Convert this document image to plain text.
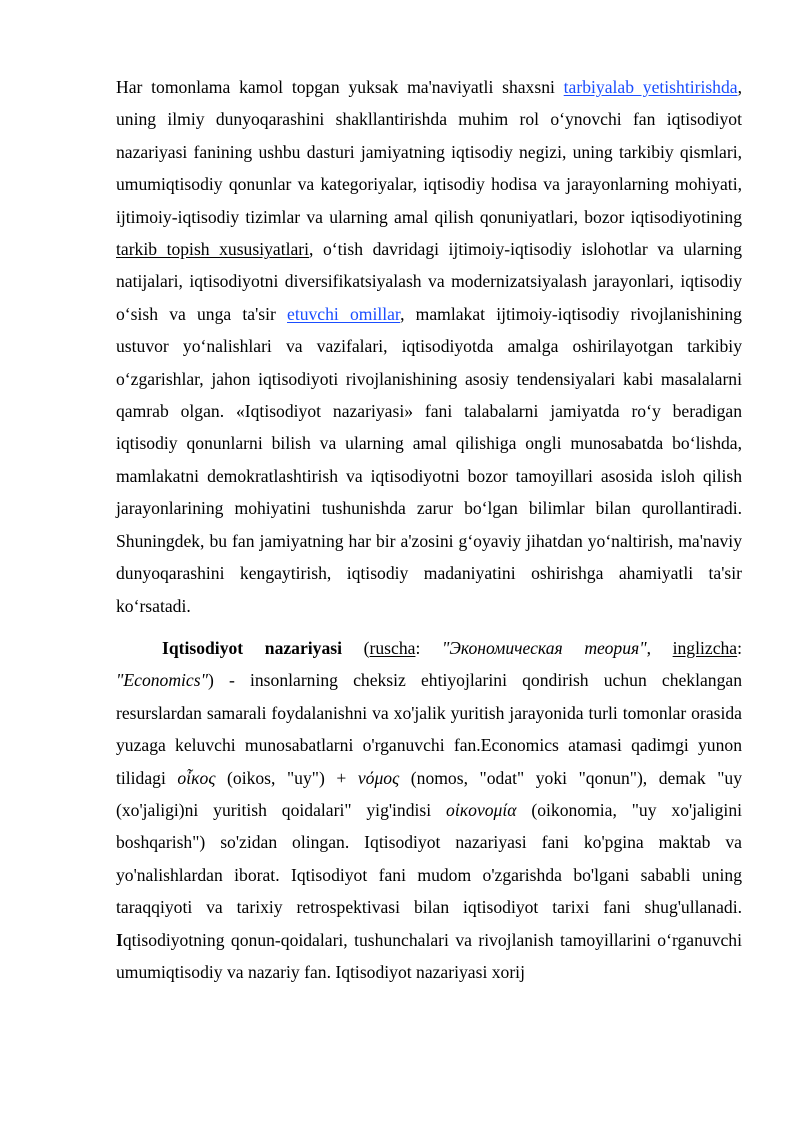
Har tomonlama kamol topgan yuksak ma'naviyatli shaxsni tarbiyalab yetishtirishda, uning ilmiy dunyoqarashini shakllantirishda muhim rol o‘ynovchi fan iqtisodiyot nazariyasi fanining ushbu dasturi jamiyatning iqtisodiy negizi, uning tarkibiy qismlari, umumiqtisodiy qonunlar va kategoriyalar, iqtisodiy hodisa va jarayonlarning mohiyati, ijtimoiy-iqtisodiy tizimlar va ularning amal qilish qonuniyatlari, bozor iqtisodiyotining tarkib topish xususiyatlari, o‘tish davridagi ijtimoiy-iqtisodiy islohotlar va ularning natijalari, iqtisodiyotni diversifikatsiyalash va modernizatsiyalash jarayonlari, iqtisodiy o‘sish va unga ta'sir etuvchi omillar, mamlakat ijtimoiy-iqtisodiy rivojlanishining ustuvor yo‘nalishlari va vazifalari, iqtisodiyotda amalga oshirilayotgan tarkibiy o‘zgarishlar, jahon iqtisodiyoti rivojlanishining asosiy tendensiyalari kabi masalalarni qamrab olgan. «Iqtisodiyot nazariyasi» fani talabalarni jamiyatda ro‘y beradigan iqtisodiy qonunlarni bilish va ularning amal qilishiga ongli munosabatda bo‘lishda, mamlakatni demokratlashtirish va iqtisodiyotni bozor tamoyillari asosida isloh qilish jarayonlarining mohiyatini tushunishda zarur bo‘lgan bilimlar bilan qurollantiradi. Shuningdek, bu fan jamiyatning har bir a'zosini g‘oyaviy jihatdan yo‘naltirish, ma'naviy dunyoqarashini kengaytirish, iqtisodiy madaniyatini oshirishga ahamiyatli ta'sir ko‘rsatadi.

Iqtisodiyot nazariyasi (ruscha: "Экономическая теория", inglizcha: "Economics") - insonlarning cheksiz ehtiyojlarini qondirish uchun cheklangan resurslardan samarali foydalanishni va xo'jalik yuritish jarayonida turli tomonlar orasida yuzaga keluvchi munosabatlarni o'rganuvchi fan.Economics atamasi qadimgi yunon tilidagi οἶκος (oikos, "uy") + νόμος (nomos, "odat" yoki "qonun"), demak "uy (xo'jaligi)ni yuritish qoidalari" yig'indisi οἰκονομία (oikonomia, "uy xo'jaligini boshqarish") so'zidan olingan. Iqtisodiyot nazariyasi fani ko'pgina maktab va yo'nalishlardan iborat. Iqtisodiyot fani mudom o'zgarishda bo'lgani sababli uning taraqqiyoti va tarixiy retrospektivasi bilan iqtisodiyot tarixi fani shug'ullanadi. Iqtisodiyotning qonun-qoidalari, tushunchalari va rivojlanish tamoyillarini o‘rganuvchi umumiqtisodiy va nazariy fan. Iqtisodiyot nazariyasi xorij
